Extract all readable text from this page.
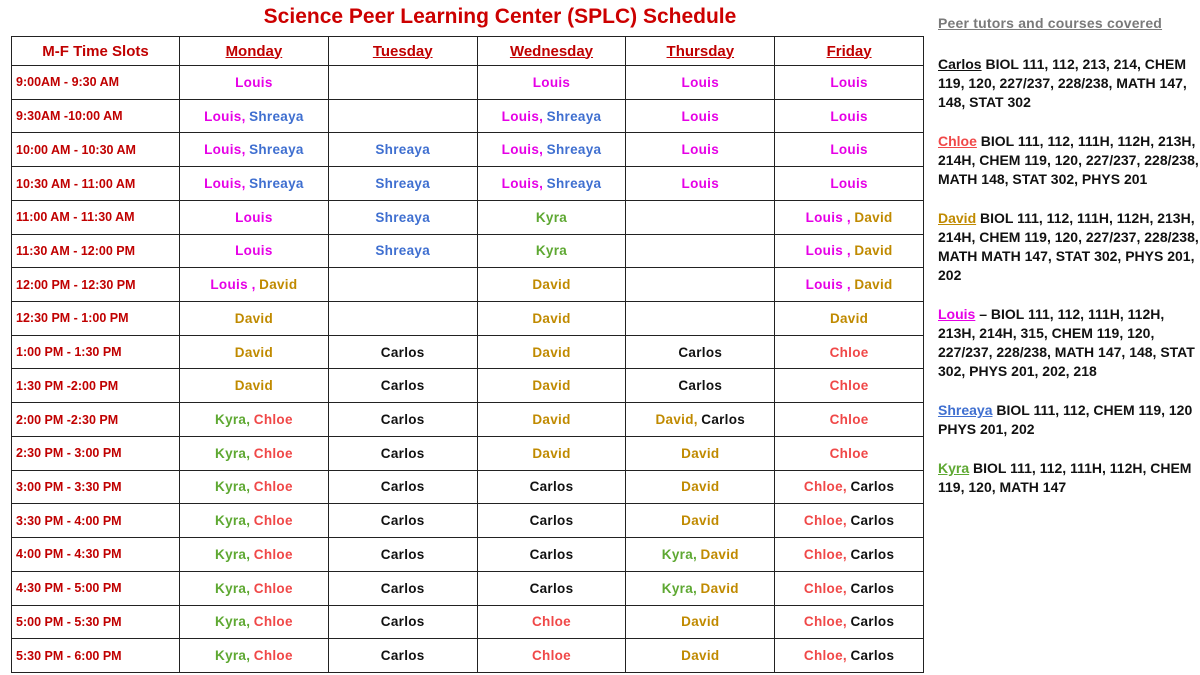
Science Peer Learning Center (SPLC) Schedule
M-F Time Slots	Monday	Tuesday	Wednesday	Thursday	Friday
9:00AM - 9:30 AM	Louis		Louis	Louis	Louis
9:30AM -10:00 AM	Louis, Shreaya		Louis, Shreaya	Louis	Louis
10:00 AM - 10:30 AM	Louis, Shreaya	Shreaya	Louis, Shreaya	Louis	Louis
10:30 AM - 11:00 AM	Louis, Shreaya	Shreaya	Louis, Shreaya	Louis	Louis
11:00 AM - 11:30 AM	Louis	Shreaya	Kyra		Louis , David
11:30 AM - 12:00 PM	Louis	Shreaya	Kyra		Louis , David
12:00 PM - 12:30 PM	Louis , David		David		Louis , David
12:30 PM - 1:00 PM	David		David		David
1:00 PM - 1:30 PM	David	Carlos	David	Carlos	Chloe
1:30 PM -2:00 PM	David	Carlos	David	Carlos	Chloe
2:00 PM -2:30 PM	Kyra, Chloe	Carlos	David	David, Carlos	Chloe
2:30 PM - 3:00 PM	Kyra, Chloe	Carlos	David	David	Chloe
3:00 PM - 3:30 PM	Kyra, Chloe	Carlos	Carlos	David	Chloe, Carlos
3:30 PM - 4:00 PM	Kyra, Chloe	Carlos	Carlos	David	Chloe, Carlos
4:00 PM - 4:30 PM	Kyra, Chloe	Carlos	Carlos	Kyra, David	Chloe, Carlos
4:30 PM - 5:00 PM	Kyra, Chloe	Carlos	Carlos	Kyra, David	Chloe, Carlos
5:00 PM - 5:30 PM	Kyra, Chloe	Carlos	Chloe	David	Chloe, Carlos
5:30 PM - 6:00 PM	Kyra, Chloe	Carlos	Chloe	David	Chloe, Carlos
Peer tutors and courses covered
Carlos BIOL 111, 112, 213, 214, CHEM 119, 120, 227/237, 228/238, MATH 147, 148, STAT 302
Chloe BIOL 111, 112, 111H, 112H, 213H, 214H, CHEM 119, 120, 227/237, 228/238, MATH 148, STAT 302, PHYS 201
David BIOL 111, 112, 111H, 112H, 213H, 214H, CHEM 119, 120, 227/237, 228/238, MATH MATH 147, STAT 302, PHYS 201, 202
Louis – BIOL 111, 112, 111H, 112H, 213H, 214H, 315, CHEM 119, 120, 227/237, 228/238, MATH 147, 148, STAT 302, PHYS 201, 202, 218
Shreaya BIOL 111, 112, CHEM 119, 120 PHYS 201, 202
Kyra BIOL 111, 112, 111H, 112H, CHEM 119, 120, MATH 147
